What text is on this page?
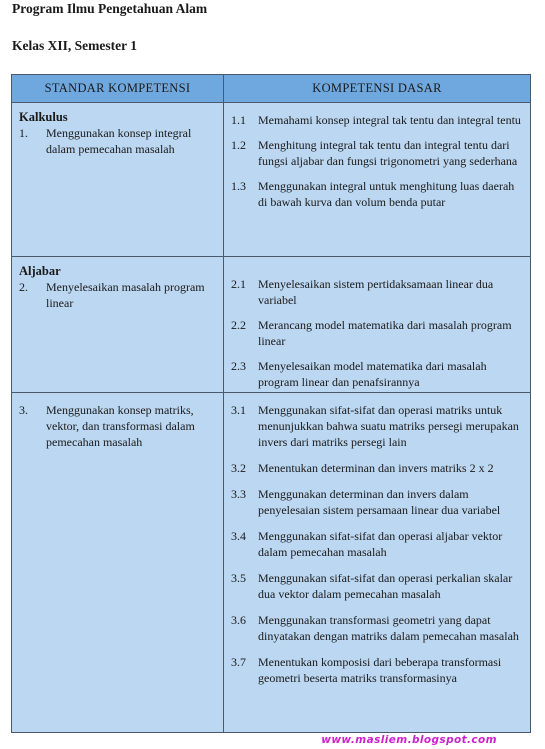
Program Ilmu Pengetahuan Alam
Kelas XII, Semester 1
STANDAR KOMPETENSI	KOMPETENSI DASAR
Kalkulus
1.	Menggunakan konsep integral dalam pemecahan masalah
1.1	Memahami konsep integral tak tentu dan integral tentu
1.2	Menghitung integral tak tentu dan integral tentu dari fungsi aljabar dan fungsi trigonometri yang sederhana
1.3	Menggunakan integral untuk menghitung luas daerah di bawah kurva dan volum benda putar
Aljabar
2.	Menyelesaikan masalah program linear
2.1	Menyelesaikan sistem pertidaksamaan linear dua variabel
2.2	Merancang model matematika dari masalah program linear
2.3	Menyelesaikan model matematika dari masalah program linear dan penafsirannya
3.	Menggunakan konsep matriks, vektor, dan transformasi dalam pemecahan masalah
3.1	Menggunakan sifat-sifat dan operasi matriks untuk menunjukkan bahwa suatu matriks persegi merupakan invers dari matriks persegi lain
3.2	Menentukan determinan dan invers matriks 2 x 2
3.3	Menggunakan determinan dan invers dalam penyelesaian sistem persamaan linear dua variabel
3.4	Menggunakan sifat-sifat dan operasi aljabar vektor dalam pemecahan masalah
3.5	Menggunakan sifat-sifat dan operasi perkalian skalar dua vektor dalam pemecahan masalah
3.6	Menggunakan transformasi geometri yang dapat dinyatakan dengan matriks dalam pemecahan masalah
3.7	Menentukan komposisi dari beberapa transformasi geometri beserta matriks transformasinya
www.masliem.blogspot.com
